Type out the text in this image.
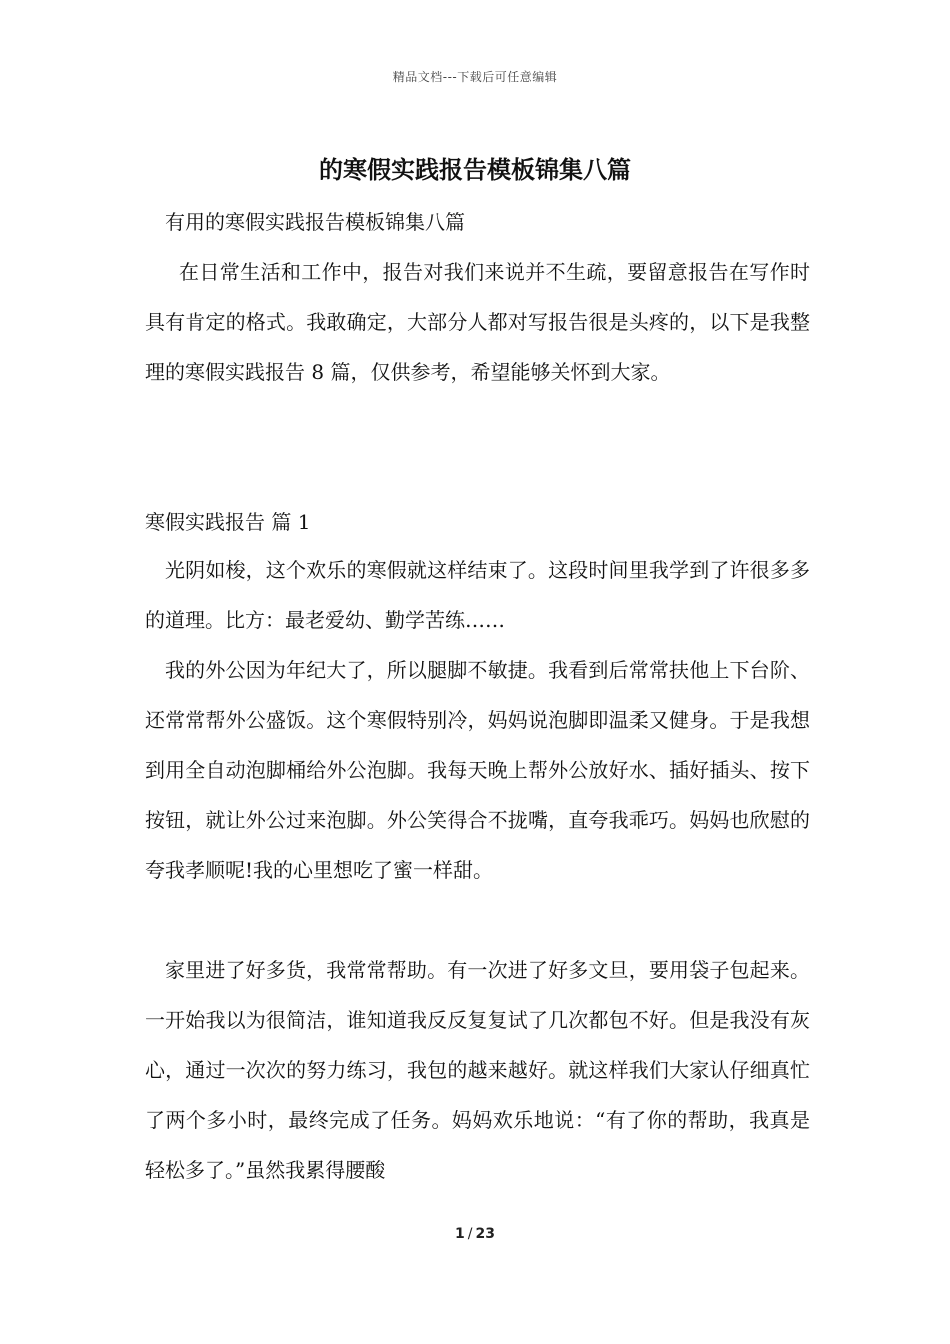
精品文档---下载后可任意编辑
的寒假实践报告模板锦集八篇
有用的寒假实践报告模板锦集八篇
在日常生活和工作中，报告对我们来说并不生疏，要留意报告在写作时具有肯定的格式。我敢确定，大部分人都对写报告很是头疼的，以下是我整理的寒假实践报告 8 篇，仅供参考，希望能够关怀到大家。
寒假实践报告 篇 1
光阴如梭，这个欢乐的寒假就这样结束了。这段时间里我学到了许很多多的道理。比方：最老爱幼、勤学苦练……
我的外公因为年纪大了，所以腿脚不敏捷。我看到后常常扶他上下台阶、还常常帮外公盛饭。这个寒假特别冷，妈妈说泡脚即温柔又健身。于是我想到用全自动泡脚桶给外公泡脚。我每天晚上帮外公放好水、插好插头、按下按钮，就让外公过来泡脚。外公笑得合不拢嘴，直夸我乖巧。妈妈也欣慰的夸我孝顺呢!我的心里想吃了蜜一样甜。
家里进了好多货，我常常帮助。有一次进了好多文旦，要用袋子包起来。一开始我以为很简洁，谁知道我反反复复试了几次都包不好。但是我没有灰心，通过一次次的努力练习，我包的越来越好。就这样我们大家认仔细真忙了两个多小时，最终完成了任务。妈妈欢乐地说：“有了你的帮助，我真是轻松多了。”虽然我累得腰酸
1 / 23
